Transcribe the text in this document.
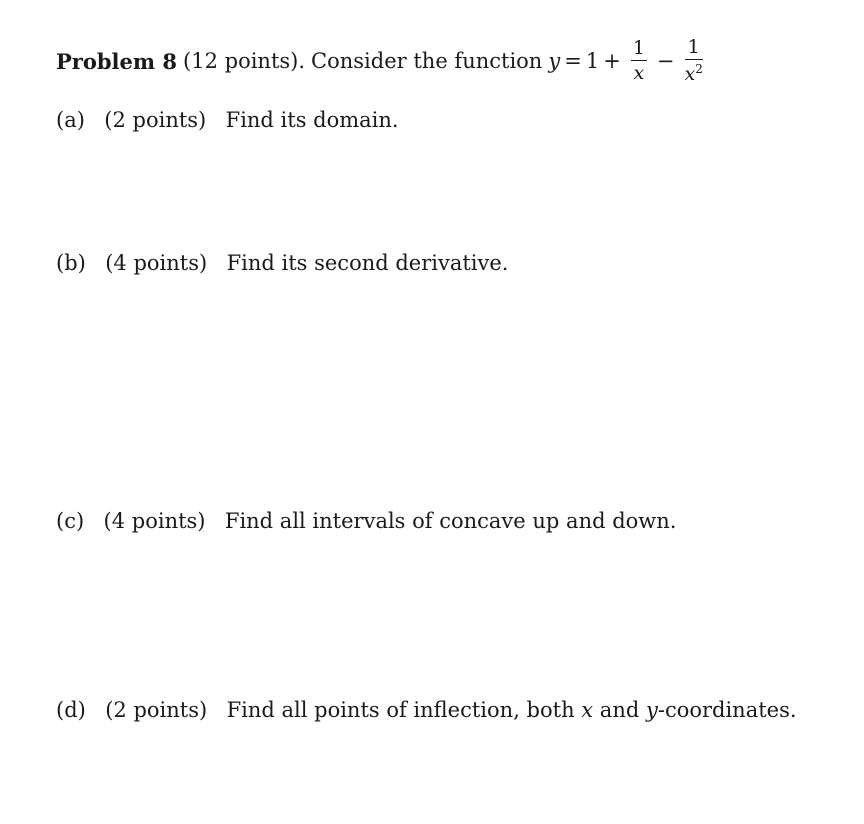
Problem 8 (12 points). Consider the function $y = 1 + \frac{1}{x} - \frac{1}{x^2}$
(a) (2 points) Find its domain.
(b) (4 points) Find its second derivative.
(c) (4 points) Find all intervals of concave up and down.
(d) (2 points) Find all points of inflection, both x and y-coordinates.
